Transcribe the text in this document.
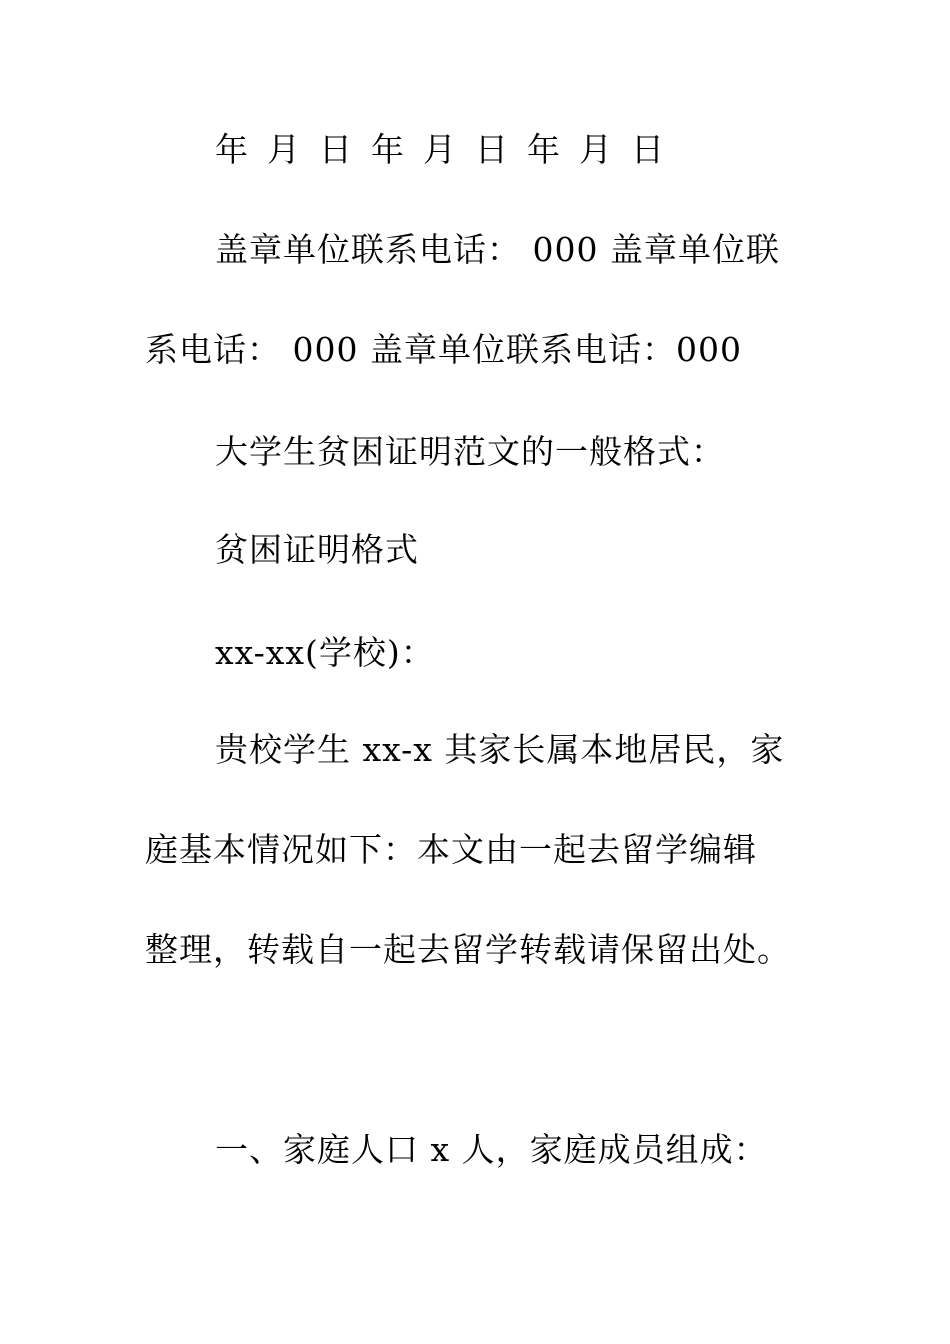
年 月 日 年 月 日 年 月 日
盖章单位联系电话： 000 盖章单位联
系电话： 000 盖章单位联系电话：000
大学生贫困证明范文的一般格式：
贫困证明格式
xx-xx(学校)：
贵校学生 xx-x 其家长属本地居民，家
庭基本情况如下：本文由一起去留学编辑
整理，转载自一起去留学转载请保留出处。
一、家庭人口 x 人，家庭成员组成：
